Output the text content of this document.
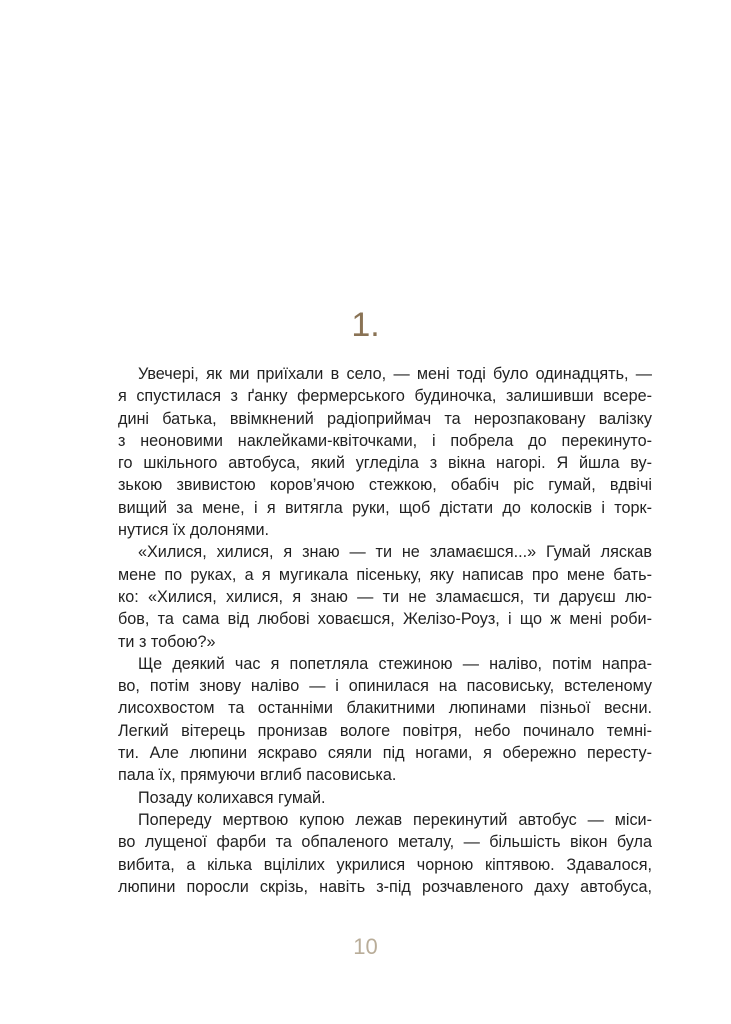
1.
Увечері, як ми приїхали в село, — мені тоді було одинадцять, —
я спустилася з ґанку фермерського будиночка, залишивши всере-
дині батька, ввімкнений радіоприймач та нерозпаковану валізку
з неоновими наклейками-квіточками, і побрела до перекинуто-
го шкільного автобуса, який угледіла з вікна нагорі. Я йшла ву-
зькою звивистою коров’ячою стежкою, обабіч ріс гумай, вдвічі
вищий за мене, і я витягла руки, щоб дістати до колосків і торк-
нутися їх долонями.
«Хилися, хилися, я знаю — ти не зламаєшся...» Гумай ляскав
мене по руках, а я мугикала пісеньку, яку написав про мене бать-
ко: «Хилися, хилися, я знаю — ти не зламаєшся, ти даруєш лю-
бов, та сама від любові ховаєшся, Желізо-Роуз, і що ж мені роби-
ти з тобою?»
Ще деякий час я попетляла стежиною — наліво, потім напра-
во, потім знову наліво — і опинилася на пасовиську, встеленому
лисохвостом та останніми блакитними люпинами пізньої весни.
Легкий вітерець пронизав вологе повітря, небо починало темні-
ти. Але люпини яскраво сяяли під ногами, я обережно пересту-
пала їх, прямуючи вглиб пасовиська.
Позаду колихався гумай.
Попереду мертвою купою лежав перекинутий автобус — міси-
во лущеної фарби та обпаленого металу, — більшість вікон була
вибита, а кілька вцілілих укрилися чорною кіптявою. Здавалося,
люпини поросли скрізь, навіть з-під розчавленого даху автобуса,
10
